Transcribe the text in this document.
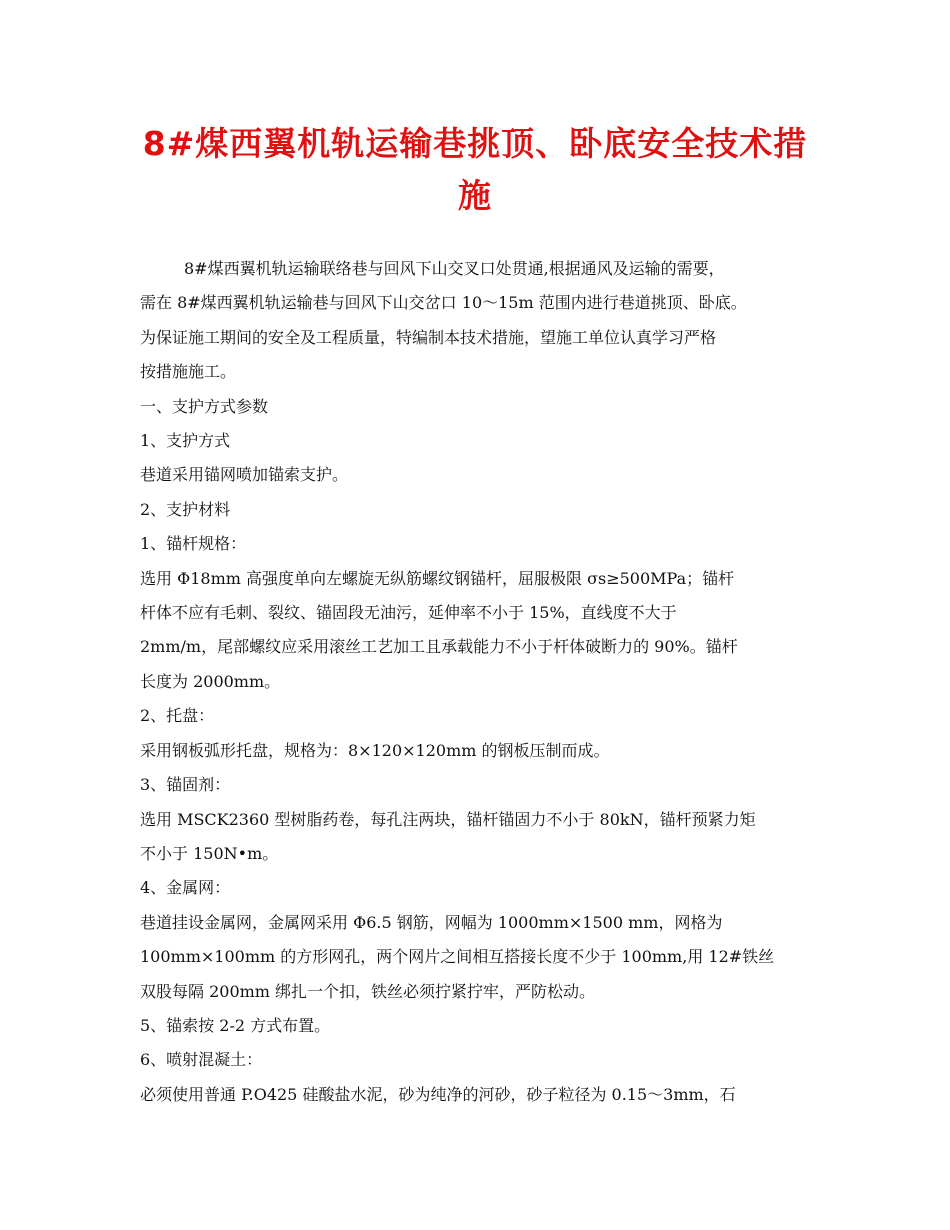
8#煤西翼机轨运输巷挑顶、卧底安全技术措
施

8#煤西翼机轨运输联络巷与回风下山交叉口处贯通,根据通风及运输的需要，

需在 8#煤西翼机轨运输巷与回风下山交岔口 10～15m 范围内进行巷道挑顶、卧底。

为保证施工期间的安全及工程质量，特编制本技术措施，望施工单位认真学习严格

按措施施工。

一、支护方式参数

1、支护方式

巷道采用锚网喷加锚索支护。

2、支护材料

1、锚杆规格：

选用 Φ18mm 高强度单向左螺旋无纵筋螺纹钢锚杆，屈服极限 σs≥500MPa；锚杆

杆体不应有毛刺、裂纹、锚固段无油污，延伸率不小于 15%，直线度不大于

2mm/m，尾部螺纹应采用滚丝工艺加工且承载能力不小于杆体破断力的 90%。锚杆

长度为 2000mm。

2、托盘：

采用钢板弧形托盘，规格为：8×120×120mm 的钢板压制而成。

3、锚固剂：

选用 MSCK2360 型树脂药卷，每孔注两块，锚杆锚固力不小于 80kN，锚杆预紧力矩

不小于 150N•m。

4、金属网：

巷道挂设金属网，金属网采用 Φ6.5 钢筋，网幅为 1000mm×1500 mm，网格为

100mm×100mm 的方形网孔，两个网片之间相互搭接长度不少于 100mm,用 12#铁丝

双股每隔 200mm 绑扎一个扣，铁丝必须拧紧拧牢，严防松动。

5、锚索按 2-2 方式布置。

6、喷射混凝土：

必须使用普通 P.O425 硅酸盐水泥，砂为纯净的河砂，砂子粒径为 0.15～3mm，石
